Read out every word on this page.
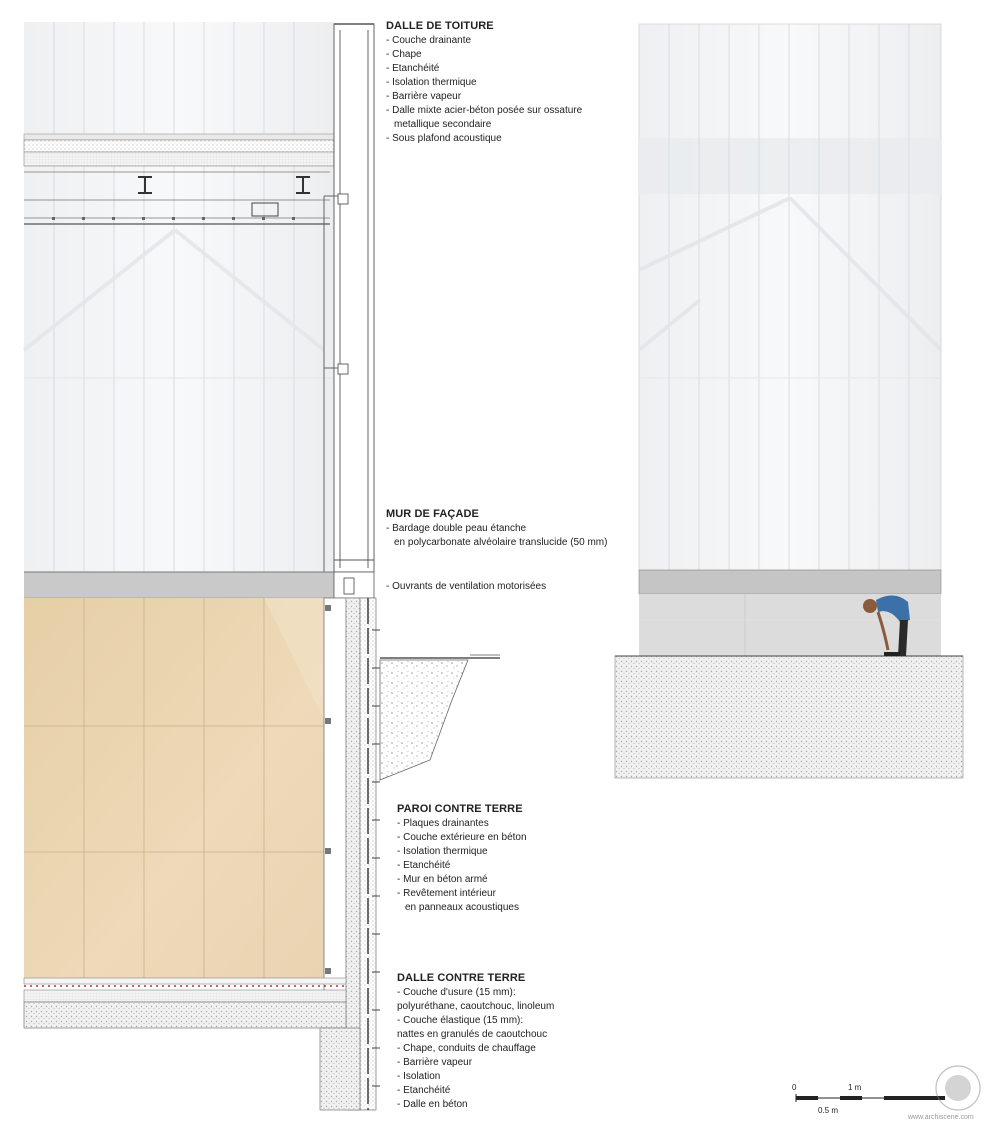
DALLE DE TOITURE
- Couche drainante
- Chape
- Etanchéité
- Isolation thermique
- Barrière vapeur
- Dalle mixte acier-béton posée sur ossature
metallique secondaire
- Sous plafond acoustique
MUR DE FAÇADE
- Bardage double peau étanche
en polycarbonate alvéolaire translucide (50 mm)
- Ouvrants de ventilation motorisées
PAROI CONTRE TERRE
- Plaques drainantes
- Couche extérieure en béton
- Isolation thermique
- Etanchéité
- Mur en béton armé
- Revêtement intérieur
en panneaux acoustiques
DALLE CONTRE TERRE
- Couche d'usure (15 mm):
polyuréthane, caoutchouc, linoleum
- Couche élastique (15 mm):
nattes en granulés de caoutchouc
- Chape, conduits de chauffage
- Barrière vapeur
- Isolation
- Etanchéité
- Dalle en béton
0	1 m
0.5 m
www.archiscene.com
